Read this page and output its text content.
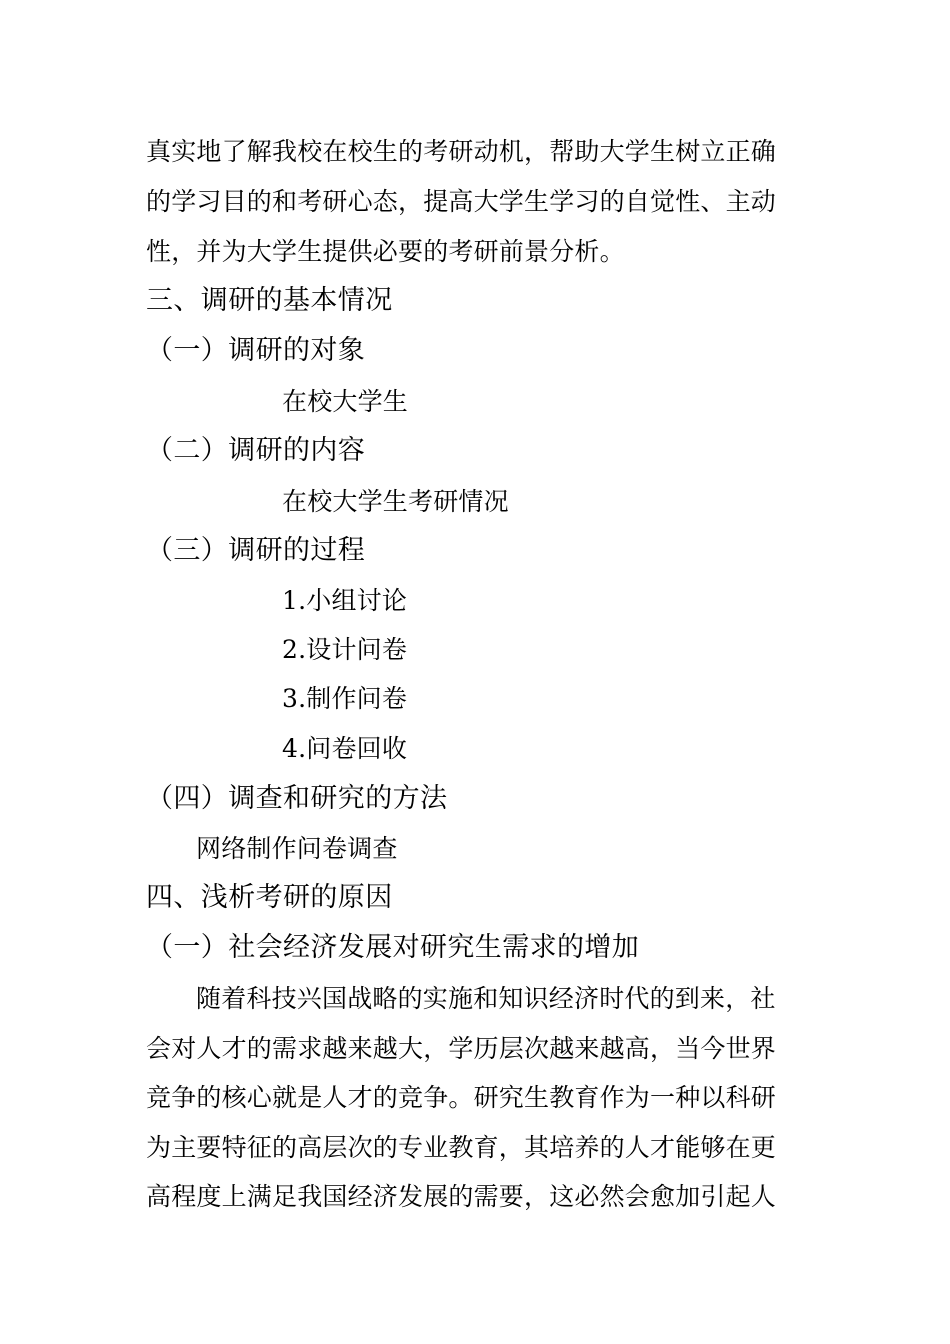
真实地了解我校在校生的考研动机，帮助大学生树立正确
的学习目的和考研心态，提高大学生学习的自觉性、主动
性，并为大学生提供必要的考研前景分析。
三、调研的基本情况
（一）调研的对象
在校大学生
（二）调研的内容
在校大学生考研情况
（三）调研的过程
1.小组讨论
2.设计问卷
3.制作问卷
4.问卷回收
（四）调查和研究的方法
网络制作问卷调查
四、浅析考研的原因
（一）社会经济发展对研究生需求的增加
随着科技兴国战略的实施和知识经济时代的到来，社
会对人才的需求越来越大，学历层次越来越高，当今世界
竞争的核心就是人才的竞争。研究生教育作为一种以科研
为主要特征的高层次的专业教育，其培养的人才能够在更
高程度上满足我国经济发展的需要，这必然会愈加引起人
